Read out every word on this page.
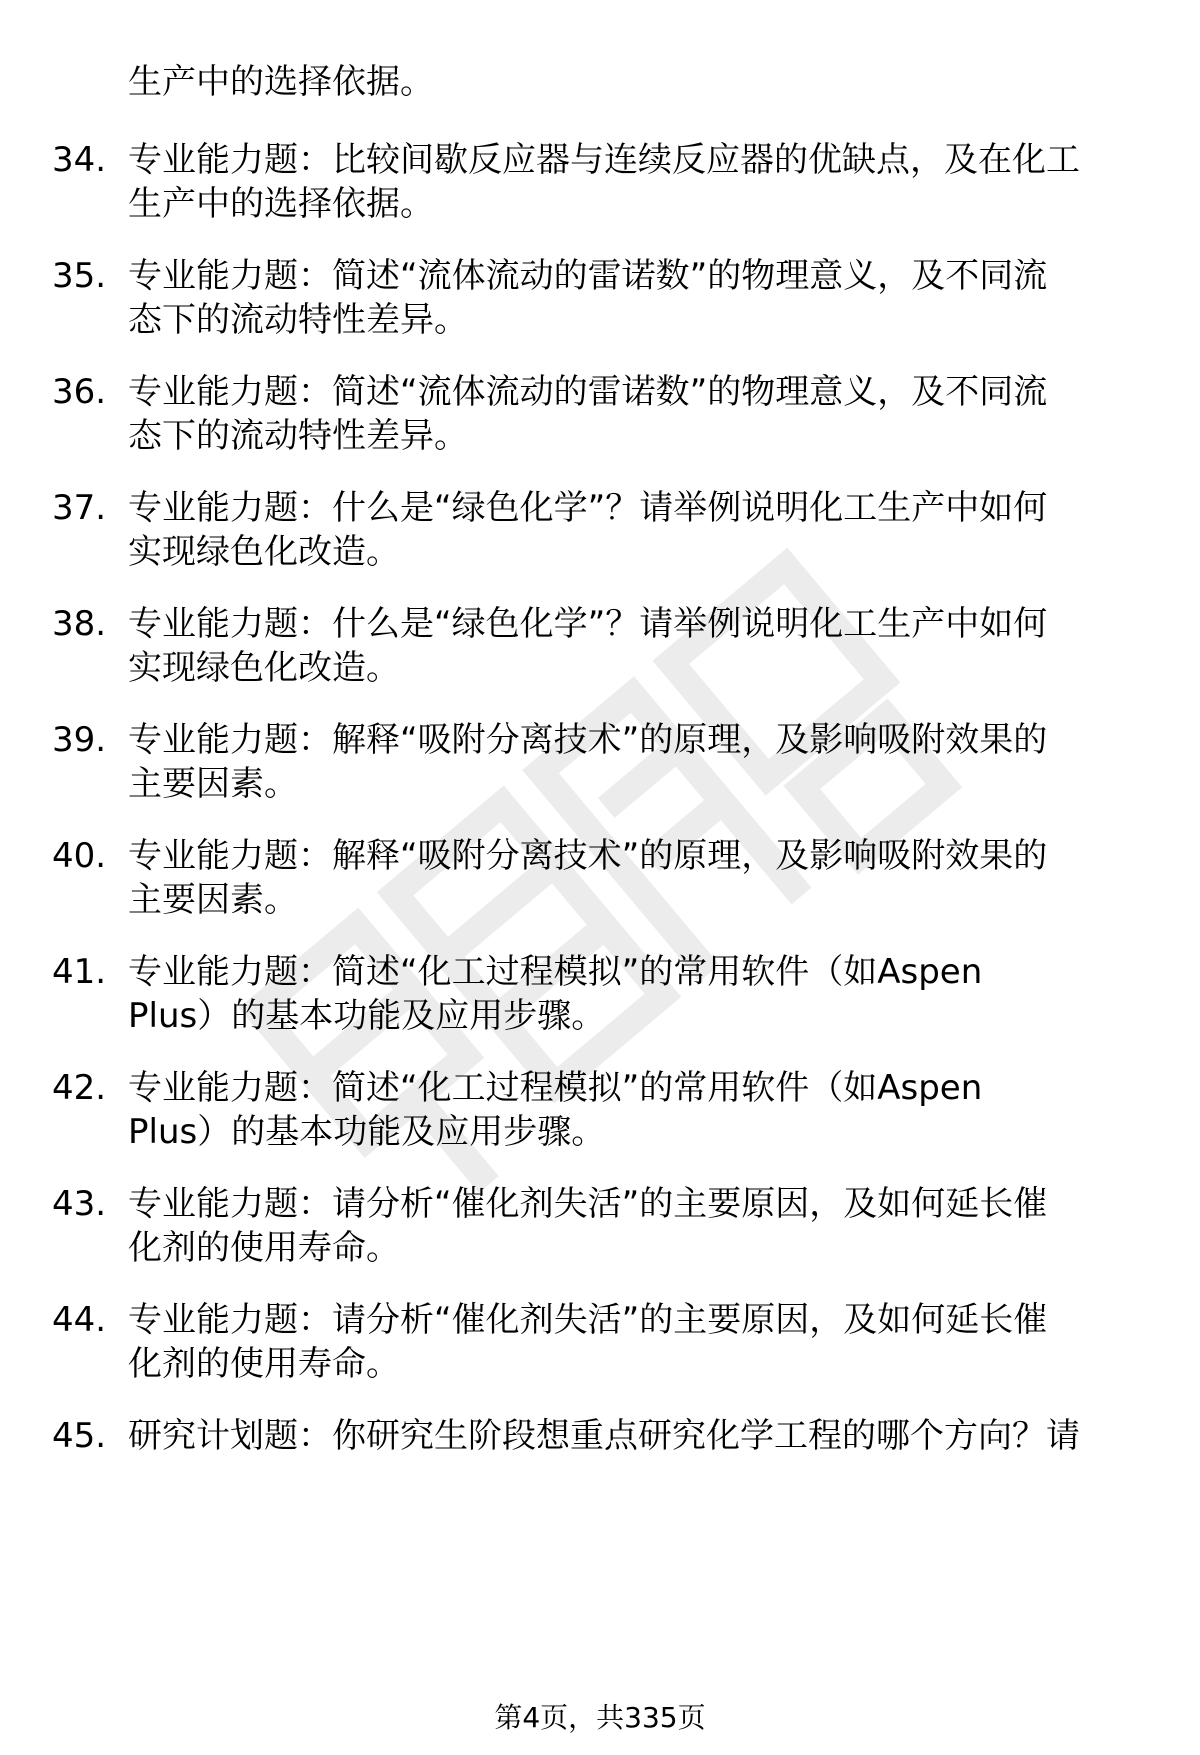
生产中的选择依据。
34. 专业能力题：比较间歇反应器与连续反应器的优缺点，及在化工
生产中的选择依据。
35. 专业能力题：简述“流体流动的雷诺数”的物理意义，及不同流
态下的流动特性差异。
36. 专业能力题：简述“流体流动的雷诺数”的物理意义，及不同流
态下的流动特性差异。
37. 专业能力题：什么是“绿色化学”？请举例说明化工生产中如何
实现绿色化改造。
38. 专业能力题：什么是“绿色化学”？请举例说明化工生产中如何
实现绿色化改造。
39. 专业能力题：解释“吸附分离技术”的原理，及影响吸附效果的
主要因素。
40. 专业能力题：解释“吸附分离技术”的原理，及影响吸附效果的
主要因素。
41. 专业能力题：简述“化工过程模拟”的常用软件（如Aspen
Plus）的基本功能及应用步骤。
42. 专业能力题：简述“化工过程模拟”的常用软件（如Aspen
Plus）的基本功能及应用步骤。
43. 专业能力题：请分析“催化剂失活”的主要原因，及如何延长催
化剂的使用寿命。
44. 专业能力题：请分析“催化剂失活”的主要原因，及如何延长催
化剂的使用寿命。
45. 研究计划题：你研究生阶段想重点研究化学工程的哪个方向？请
第4页，共335页
